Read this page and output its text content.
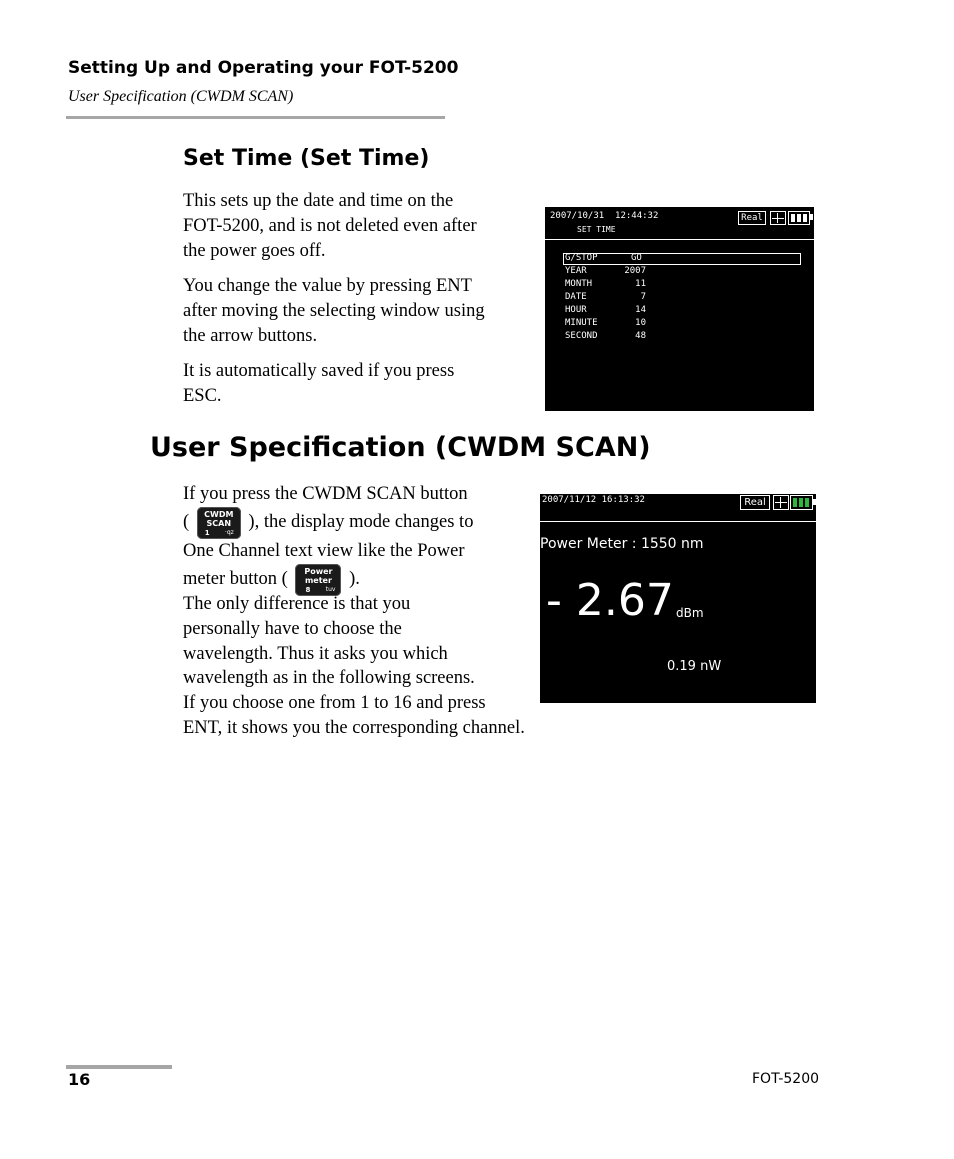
Setting Up and Operating your FOT-5200
User Specification (CWDM SCAN)
Set Time (Set Time)
This sets up the date and time on the
FOT-5200, and is not deleted even after
the power goes off.
You change the value by pressing ENT
after moving the selecting window using
the arrow buttons.
It is automatically saved if you press
ESC.
2007/10/31  12:44:32	Real

SET TIME
G/STOP	GO
YEAR	2007
MONTH	11
DATE	7
HOUR	14
MINUTE	10
SECOND	48
User Specification (CWDM SCAN)
If you press the CWDM SCAN button
(	CWDM
SCAN
1	·qz
), the display mode changes to
One Channel text view like the Power
meter button (	Power
meter
8	tuv
).
The only difference is that you
personally have to choose the
wavelength. Thus it asks you which
wavelength as in the following screens.
If you choose one from 1 to 16 and press
ENT, it shows you the corresponding channel.
2007/11/12 16:13:32	Real

Power Meter : 1550 nm
- 2.67 dBm
0.19 nW
16	FOT-5200
